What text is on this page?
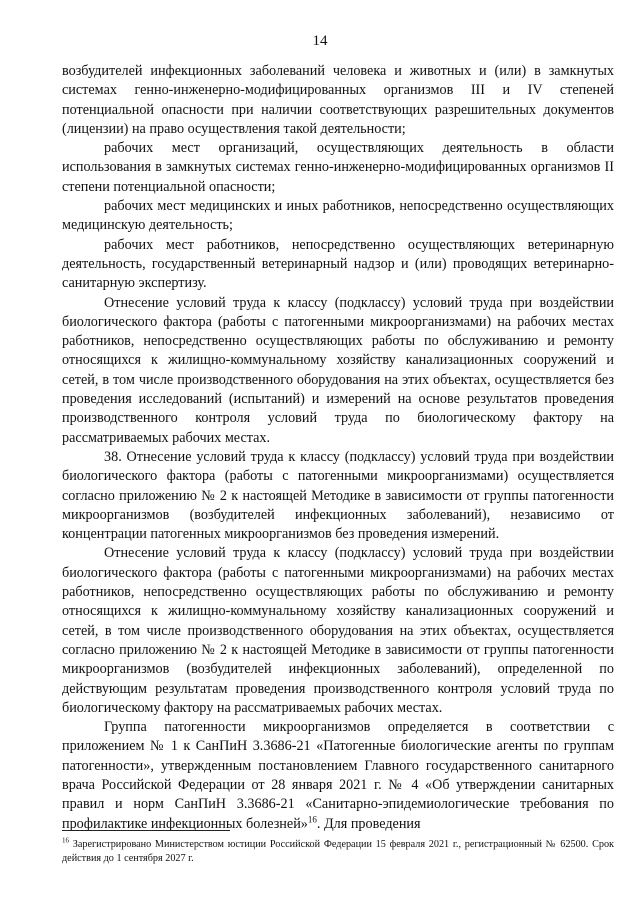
14

возбудителей инфекционных заболеваний человека и животных и (или) в замкнутых системах генно-инженерно-модифицированных организмов III и IV степеней потенциальной опасности при наличии соответствующих разрешительных документов (лицензии) на право осуществления такой деятельности;

рабочих мест организаций, осуществляющих деятельность в области использования в замкнутых системах генно-инженерно-модифицированных организмов II степени потенциальной опасности;

рабочих мест медицинских и иных работников, непосредственно осуществляющих медицинскую деятельность;

рабочих мест работников, непосредственно осуществляющих ветеринарную деятельность, государственный ветеринарный надзор и (или) проводящих ветеринарно-санитарную экспертизу.

Отнесение условий труда к классу (подклассу) условий труда при воздействии биологического фактора (работы с патогенными микроорганизмами) на рабочих местах работников, непосредственно осуществляющих работы по обслуживанию и ремонту относящихся к жилищно-коммунальному хозяйству канализационных сооружений и сетей, в том числе производственного оборудования на этих объектах, осуществляется без проведения исследований (испытаний) и измерений на основе результатов проведения производственного контроля условий труда по биологическому фактору на рассматриваемых рабочих местах.

38. Отнесение условий труда к классу (подклассу) условий труда при воздействии биологического фактора (работы с патогенными микроорганизмами) осуществляется согласно приложению № 2 к настоящей Методике в зависимости от группы патогенности микроорганизмов (возбудителей инфекционных заболеваний), независимо от концентрации патогенных микроорганизмов без проведения измерений.

Отнесение условий труда к классу (подклассу) условий труда при воздействии биологического фактора (работы с патогенными микроорганизмами) на рабочих местах работников, непосредственно осуществляющих работы по обслуживанию и ремонту относящихся к жилищно-коммунальному хозяйству канализационных сооружений и сетей, в том числе производственного оборудования на этих объектах, осуществляется согласно приложению № 2 к настоящей Методике в зависимости от группы патогенности микроорганизмов (возбудителей инфекционных заболеваний), определенной по действующим результатам проведения производственного контроля условий труда по биологическому фактору на рассматриваемых рабочих местах.

Группа патогенности микроорганизмов определяется в соответствии с приложением № 1 к СанПиН 3.3686-21 «Патогенные биологические агенты по группам патогенности», утвержденным постановлением Главного государственного санитарного врача Российской Федерации от 28 января 2021 г. № 4 «Об утверждении санитарных правил и норм СанПиН 3.3686-21 «Санитарно-эпидемиологические требования по профилактике инфекционных болезней»$^{16}$. Для проведения

$^{16}$ Зарегистрировано Министерством юстиции Российской Федерации 15 февраля 2021 г., регистрационный № 62500. Срок действия до 1 сентября 2027 г.
